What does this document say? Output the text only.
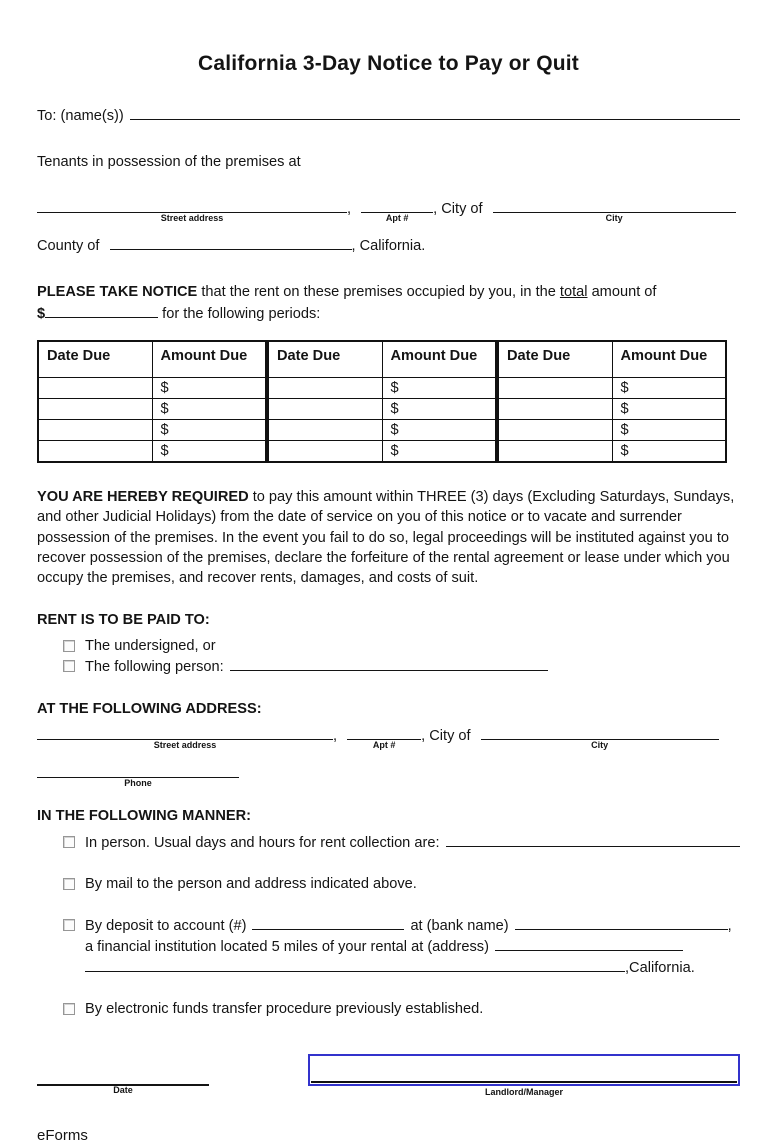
California 3-Day Notice to Pay or Quit
To: (name(s))

Tenants in possession of the premises at

Street address
,
Apt #
, City of
City
County of	, California.
PLEASE TAKE NOTICE that the rent on these premises occupied by you, in the total amount of
$	for the following periods:
Date Due	Amount Due
	$
	$
	$
	$
Date Due	Amount Due
	$
	$
	$
	$
Date Due	Amount Due
	$
	$
	$
	$

YOU ARE HEREBY REQUIRED to pay this amount within THREE (3) days (Excluding Saturdays, Sundays, and other Judicial Holidays) from the date of service on you of this notice or to vacate and surrender possession of the premises. In the event you fail to do so, legal proceedings will be instituted against you to recover possession of the premises, declare the forfeiture of the rental agreement or lease under which you occupy the premises, and recover rents, damages, and costs of suit.

RENT IS TO BE PAID TO:

The undersigned, or
The following person:

AT THE FOLLOWING ADDRESS:

Street address
,
Apt #
, City of
City
Phone

IN THE FOLLOWING MANNER:

In person. Usual days and hours for rent collection are:
By mail to the person and address indicated above.
By deposit to account (#)	at (bank name)	,
a financial institution located 5 miles of your rental at (address)
,California.
By electronic funds transfer procedure previously established.
Date	Landlord/Manager
eForms
